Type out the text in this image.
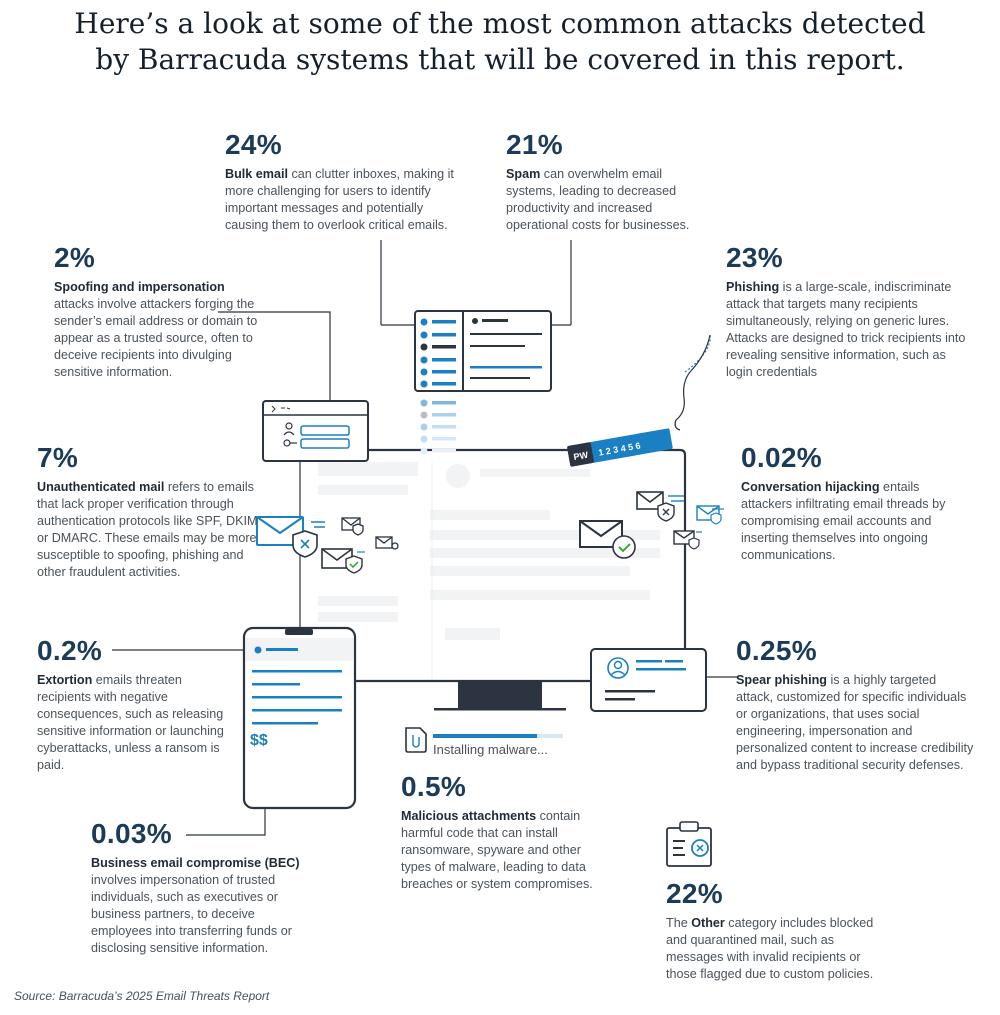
Here’s a look at some of the most common attacks detected
by Barracuda systems that will be covered in this report.
PW 1 2 3 4 5 6
$$
24%
Bulk email can clutter inboxes, making it more challenging for users to identify important messages and potentially causing them to overlook critical emails.
21%
Spam can overwhelm email systems, leading to decreased productivity and increased operational costs for businesses.
2%
Spoofing and impersonation
attacks involve attackers forging the sender’s email address or domain to appear as a trusted source, often to deceive recipients into divulging sensitive information.
23%
Phishing is a large-scale, indiscriminate attack that targets many recipients simultaneously, relying on generic lures. Attacks are designed to trick recipients into revealing sensitive information, such as login credentials
7%
Unauthenticated mail refers to emails that lack proper verification through authentication protocols like SPF, DKIM or DMARC. These emails may be more susceptible to spoofing, phishing and other fraudulent activities.
0.02%
Conversation hijacking entails attackers infiltrating email threads by compromising email accounts and inserting themselves into ongoing communications.
0.2%
Extortion emails threaten recipients with negative consequences, such as releasing sensitive information or launching cyberattacks, unless a ransom is paid.
0.25%
Spear phishing is a highly targeted attack, customized for specific individuals or organizations, that uses social engineering, impersonation and personalized content to increase credibility and bypass traditional security defenses.
Installing malware...
0.5%
Malicious attachments contain harmful code that can install ransomware, spyware and other types of malware, leading to data breaches or system compromises.
0.03%
Business email compromise (BEC)
involves impersonation of trusted individuals, such as executives or business partners, to deceive employees into transferring funds or disclosing sensitive information.
22%
The Other category includes blocked and quarantined mail, such as messages with invalid recipients or those flagged due to custom policies.
Source: Barracuda’s 2025 Email Threats Report
